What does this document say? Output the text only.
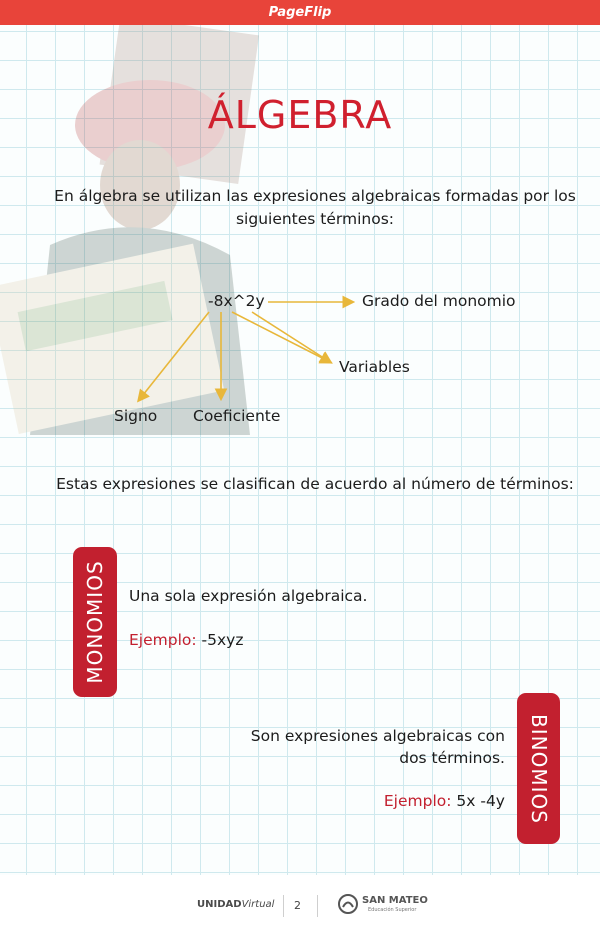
PageFlip
ÁLGEBRA
En álgebra se utilizan las expresiones algebraicas formadas por los siguientes términos:
-8x^2y	Grado del monomio
Variables
Signo Coeficiente
Estas expresiones se clasifican de acuerdo al número de términos:
MONOMIOS Una sola expresión algebraica.
Ejemplo: -5xyz
BINOMIOS
Son expresiones algebraicas con
dos términos.
Ejemplo: 5x -4y
UNIDADVirtual 2	SAN MATEO
Educación Superior
